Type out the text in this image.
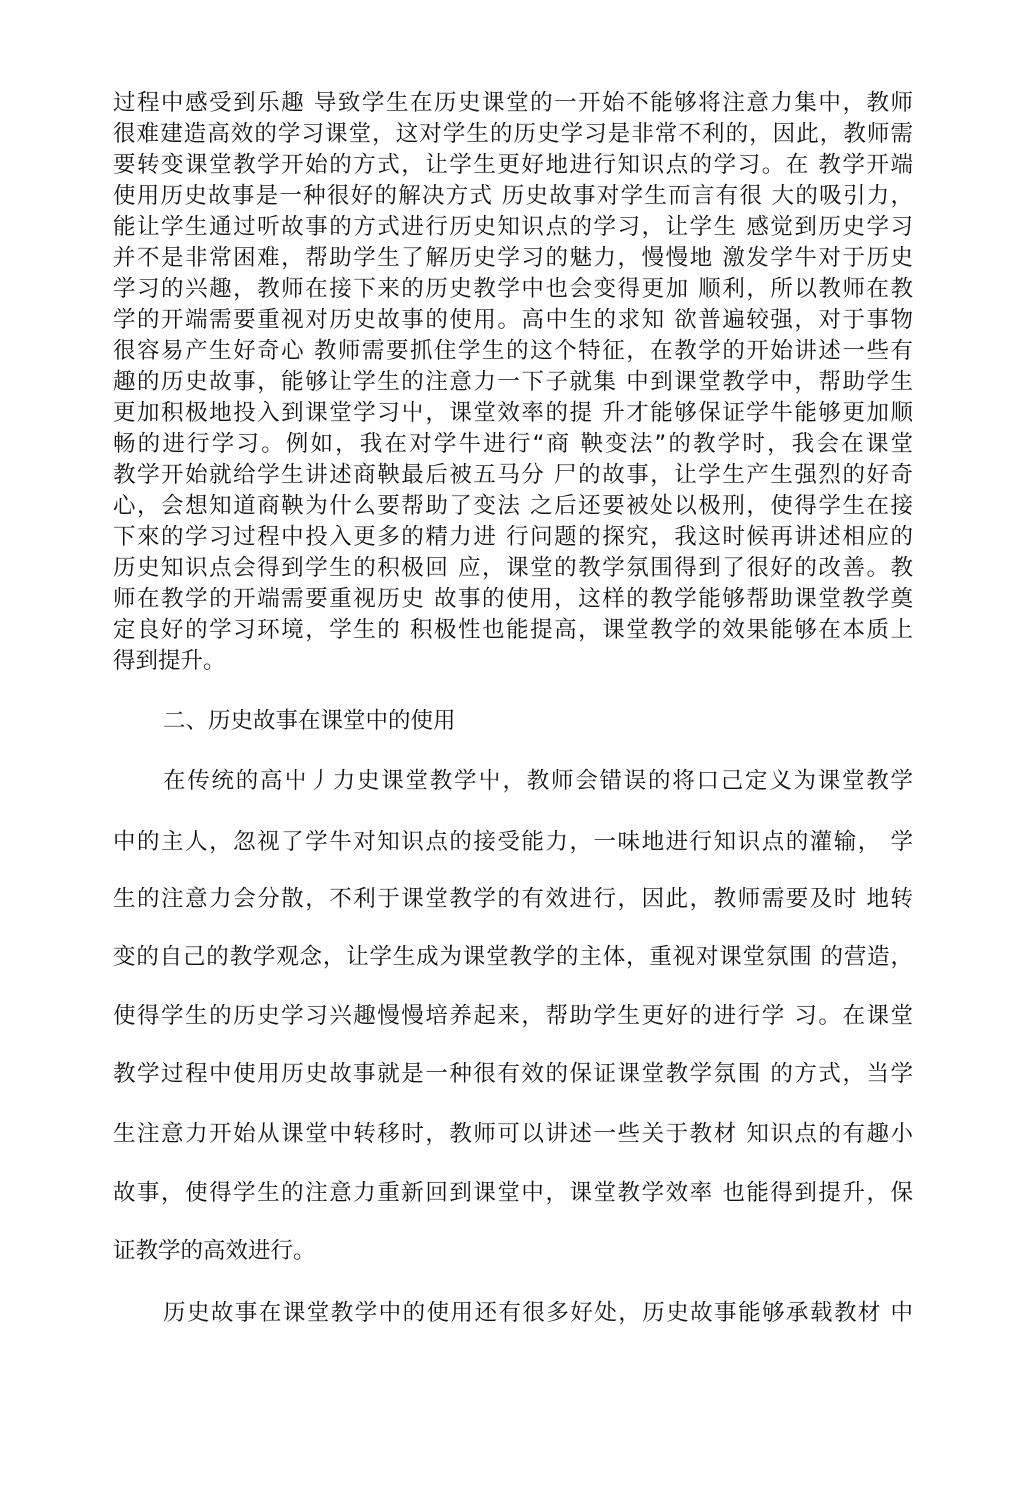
过程中感受到乐趣 导致学生在历史课堂的一开始不能够将注意力集中，教师
很难建造高效的学习课堂，这对学生的历史学习是非常不利的，因此，教师需
要转变课堂教学开始的方式，让学生更好地进行知识点的学习。在 教学开端
使用历史故事是一种很好的解决方式 历史故事对学生而言有很 大的吸引力，
能让学生通过听故事的方式进行历史知识点的学习，让学生 感觉到历史学习
并不是非常困难，帮助学生了解历史学习的魅力，慢慢地 激发学牛对于历史
学习的兴趣，教师在接下来的历史教学中也会变得更加 顺利，所以教师在教
学的开端需要重视对历史故事的使用。高中生的求知 欲普遍较强，对于事物
很容易产生好奇心 教师需要抓住学生的这个特征，在教学的开始讲述一些有
趣的历史故事，能够让学生的注意力一下子就集 中到课堂教学中，帮助学生
更加积极地投入到课堂学习屮，课堂效率的提 升才能够保证学牛能够更加顺
畅的进行学习。例如，我在对学牛进行“商 鞅变法”的教学时，我会在课堂
教学开始就给学生讲述商鞅最后被五马分 尸的故事，让学生产生强烈的好奇
心，会想知道商鞅为什么要帮助了变法 之后还要被处以极刑，使得学生在接
下來的学习过程中投入更多的精力进 行问题的探究，我这时候再讲述相应的
历史知识点会得到学生的积极回 应，课堂的教学氛围得到了很好的改善。教
师在教学的开端需要重视历史 故事的使用，这样的教学能够帮助课堂教学奠
定良好的学习环境，学生的 积极性也能提高，课堂教学的效果能够在本质上
得到提升。
二、历史故事在课堂中的使用
在传统的高屮丿力史课堂教学屮，教师会错误的将口己定义为课堂教学
中的主人，忽视了学牛对知识点的接受能力，一味地进行知识点的灌输， 学
生的注意力会分散，不利于课堂教学的有效进行，因此，教师需要及时 地转
变的自己的教学观念，让学生成为课堂教学的主体，重视对课堂氛围 的营造，
使得学生的历史学习兴趣慢慢培养起来，帮助学生更好的进行学 习。在课堂
教学过程中使用历史故事就是一种很有效的保证课堂教学氛围 的方式，当学
生注意力开始从课堂中转移时，教师可以讲述一些关于教材 知识点的有趣小
故事，使得学生的注意力重新回到课堂中，课堂教学效率 也能得到提升，保
证教学的高效进行。
历史故事在课堂教学中的使用还有很多好处，历史故事能够承载教材 中
